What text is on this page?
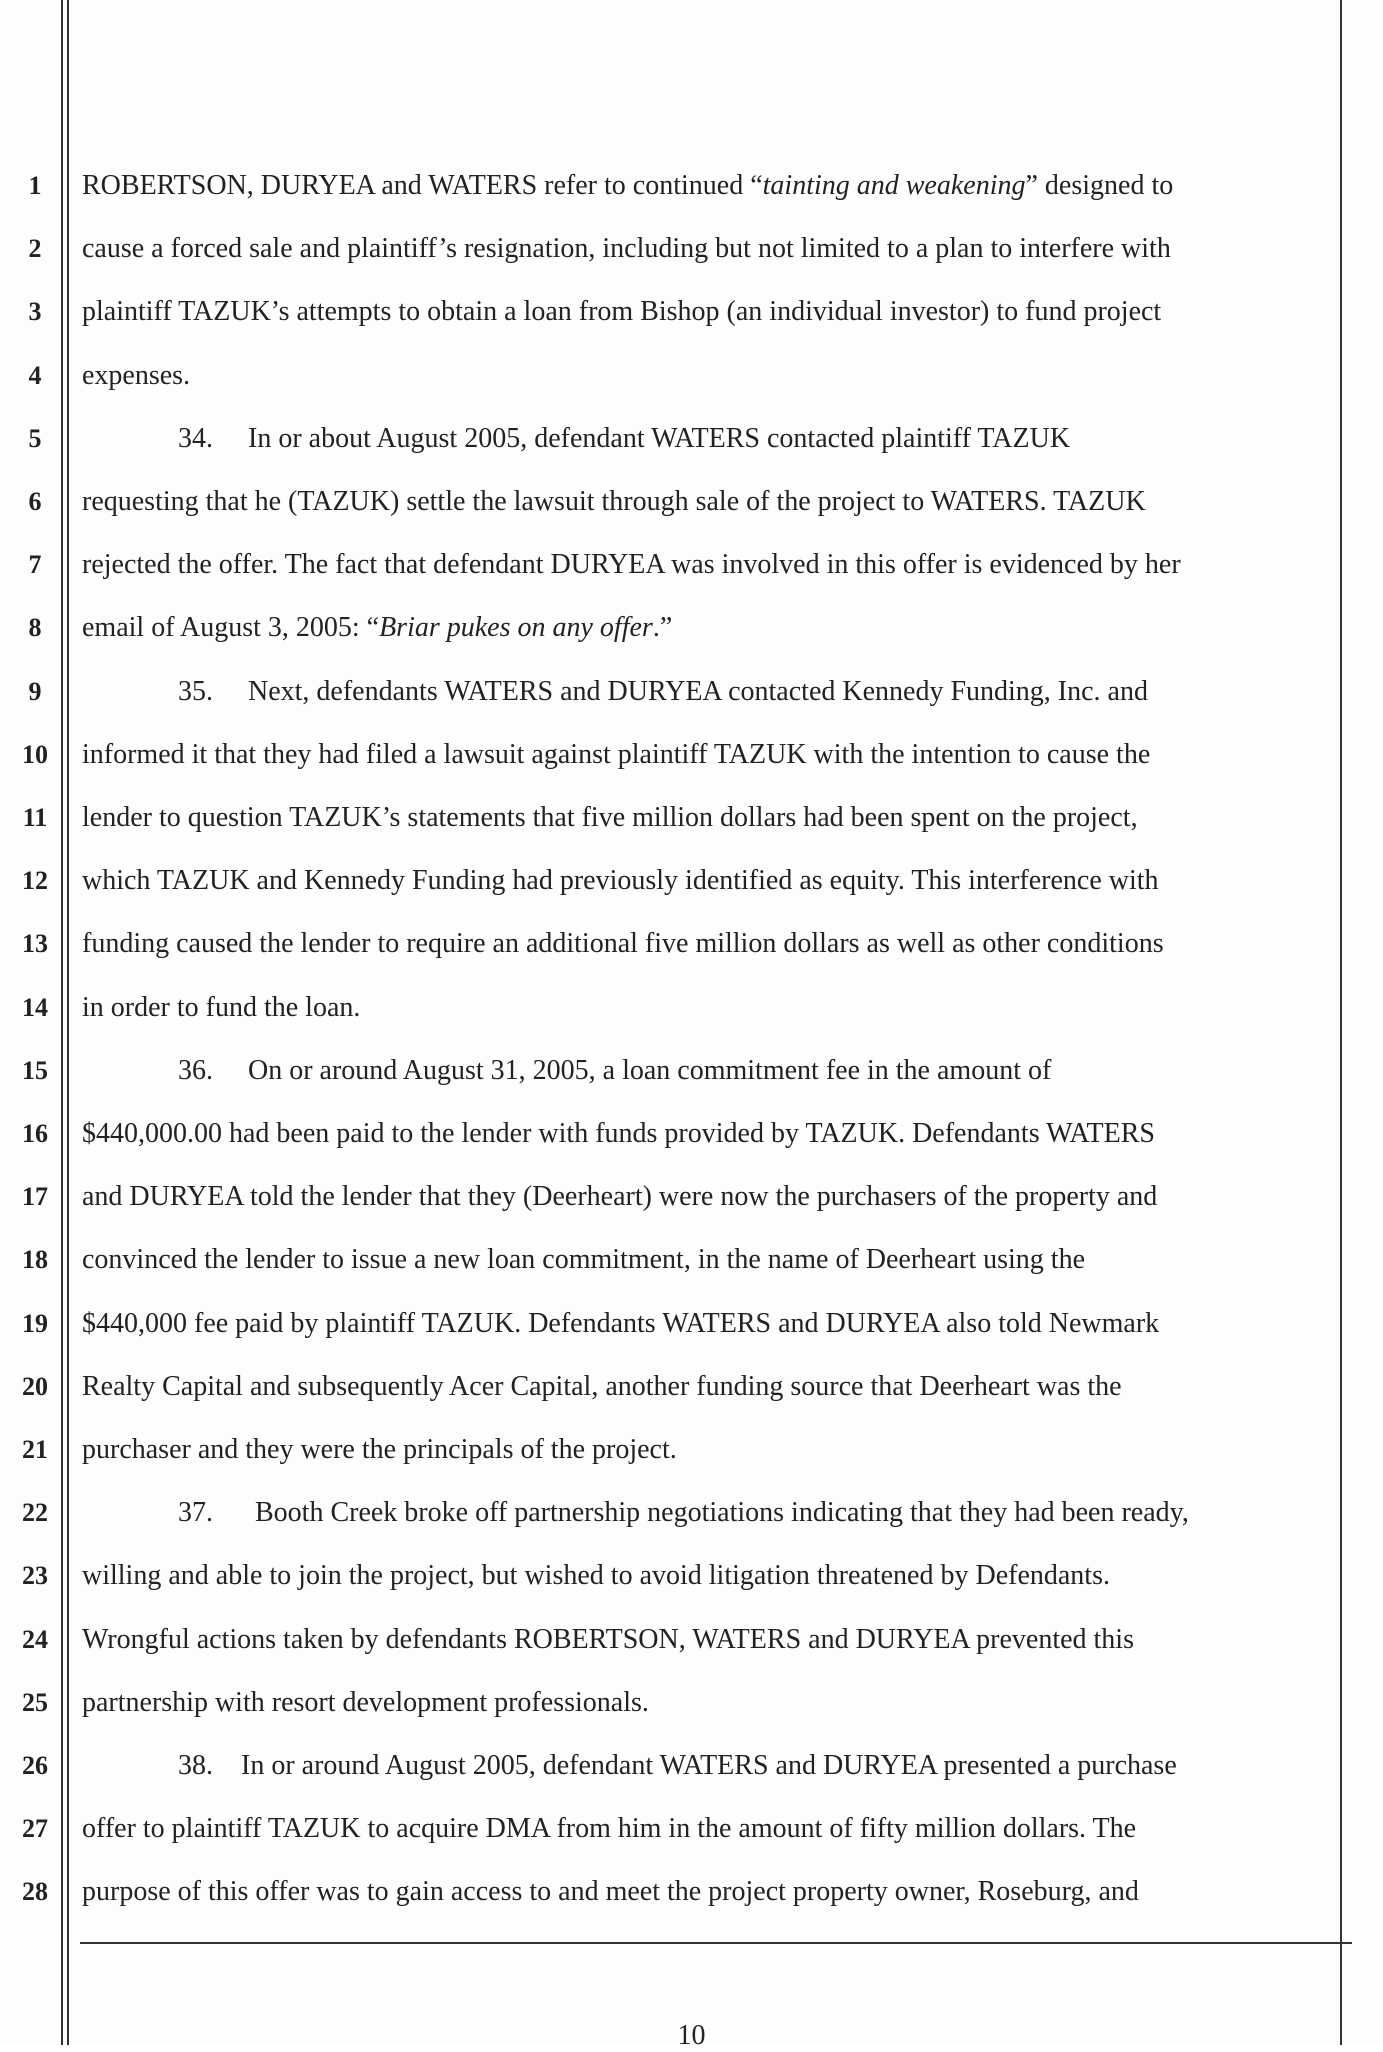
1
2
3
4
5
6
7
8
9
10
11
12
13
14
15
16
17
18
19
20
21
22
23
24
25
26
27
28
ROBERTSON, DURYEA and WATERS refer to continued “tainting and weakening” designed to
cause a forced sale and plaintiff’s resignation, including but not limited to a plan to interfere with
plaintiff TAZUK’s attempts to obtain a loan from Bishop (an individual investor) to fund project
expenses.
34.     In or about August 2005, defendant WATERS contacted plaintiff TAZUK
requesting that he (TAZUK) settle the lawsuit through sale of the project to WATERS. TAZUK
rejected the offer. The fact that defendant DURYEA was involved in this offer is evidenced by her
email of August 3, 2005: “Briar pukes on any offer.”
35.     Next, defendants WATERS and DURYEA contacted Kennedy Funding, Inc. and
informed it that they had filed a lawsuit against plaintiff TAZUK with the intention to cause the
lender to question TAZUK’s statements that five million dollars had been spent on the project,
which TAZUK and Kennedy Funding had previously identified as equity. This interference with
funding caused the lender to require an additional five million dollars as well as other conditions
in order to fund the loan.
36.     On or around August 31, 2005, a loan commitment fee in the amount of
$440,000.00 had been paid to the lender with funds provided by TAZUK. Defendants WATERS
and DURYEA told the lender that they (Deerheart) were now the purchasers of the property and
convinced the lender to issue a new loan commitment, in the name of Deerheart using the
$440,000 fee paid by plaintiff TAZUK. Defendants WATERS and DURYEA also told Newmark
Realty Capital and subsequently Acer Capital, another funding source that Deerheart was the
purchaser and they were the principals of the project.
37.      Booth Creek broke off partnership negotiations indicating that they had been ready,
willing and able to join the project, but wished to avoid litigation threatened by Defendants.
Wrongful actions taken by defendants ROBERTSON, WATERS and DURYEA prevented this
partnership with resort development professionals.
38.    In or around August 2005, defendant WATERS and DURYEA presented a purchase
offer to plaintiff TAZUK to acquire DMA from him in the amount of fifty million dollars. The
purpose of this offer was to gain access to and meet the project property owner, Roseburg, and
10
